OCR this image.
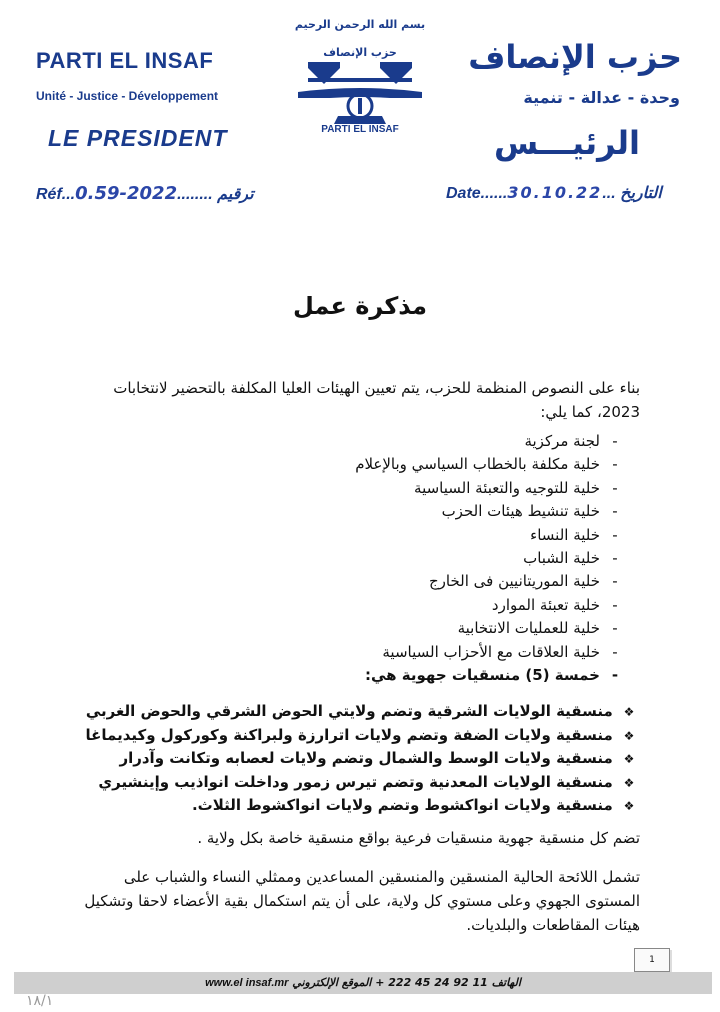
بسم الله الرحمن الرحيم
PARTI EL INSAF
Unité - Justice - Développement
LE PRESIDENT
حزب الإنصاف
PARTI EL INSAF
حزب الإنصاف
وحدة - عدالة - تنمية
الرئيـــس
Réf...0.59-2022........ ترقيم	Date......30.10.22... التاريخ
مذكرة عمل
بناء على النصوص المنظمة للحزب، يتم تعيين الهيئات العليا المكلفة بالتحضير لانتخابات 2023، كما يلي:
-لجنة مركزية
-خلية مكلفة بالخطاب السياسي وبالإعلام
-خلية للتوجيه والتعبئة السياسية
-خلية تنشيط هيئات الحزب
-خلية النساء
-خلية الشباب
-خلية الموريتانيين فى الخارج
-خلية تعبئة الموارد
-خلية للعمليات الانتخابية
-خلية العلاقات مع الأحزاب السياسية
-خمسة (5) منسقيات جهوية هي:
❖ منسقية الولايات الشرقية وتضم ولايتي الحوض الشرقي والحوض الغربي
❖ منسقية ولايات الضفة وتضم ولايات اترارزة ولبراكنة وكوركول وكيديماغا
❖ منسقية ولايات الوسط والشمال وتضم ولايات لعصابه وتكانت وآدرار
❖ منسقية الولايات المعدنية وتضم تيرس زمور وداخلت انواذيب وإينشيري
❖ منسقية ولايات انواكشوط وتضم ولايات انواكشوط الثلاث.
تضم كل منسقية جهوية منسقيات فرعية بواقع منسقية خاصة بكل ولاية .
تشمل اللائحة الحالية المنسقين والمنسقين المساعدين وممثلي النساء والشباب على المستوى الجهوي وعلى مستوي كل ولاية، على أن يتم استكمال بقية الأعضاء لاحقا وتشكيل هيئات المقاطعات والبلديات.
1
www.el insaf.mr الموقع الإلكتروني + 222 45 24 92 11 الهاتف
١٨/١
